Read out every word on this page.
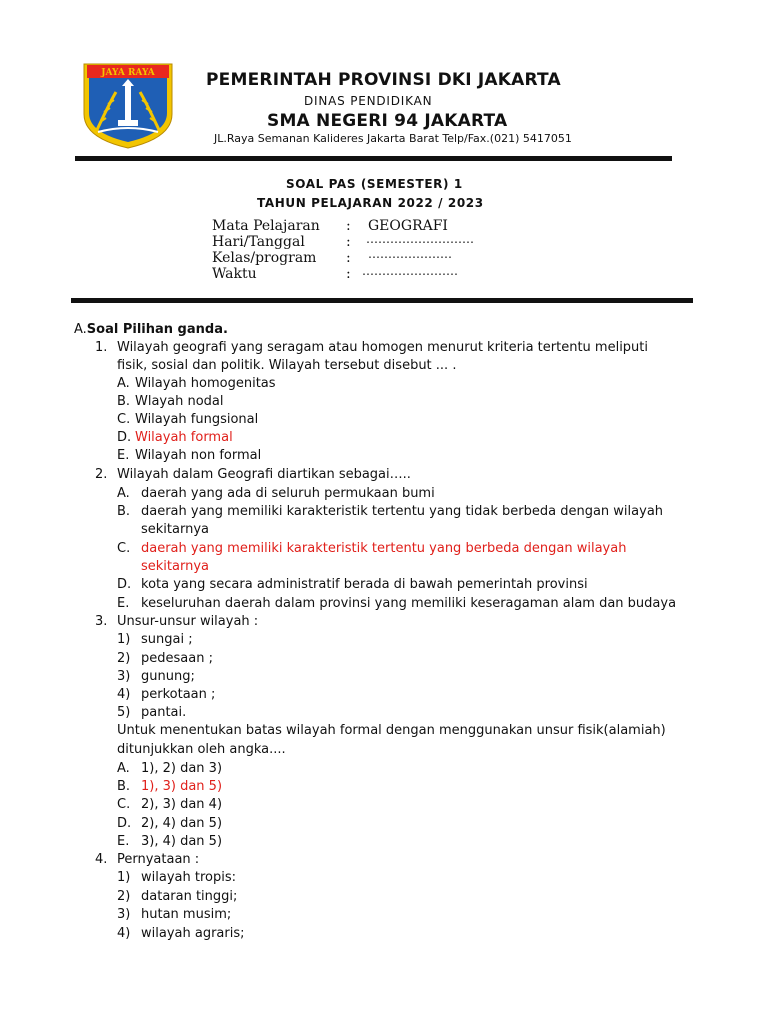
JAYA RAYA	PEMERINTAH PROVINSI DKI JAKARTA
DINAS PENDIDIKAN
SMA NEGERI 94 JAKARTA
JL.Raya Semanan Kalideres Jakarta Barat Telp/Fax.(021) 5417051
SOAL PAS (SEMESTER) 1
TAHUN PELAJARAN 2022 / 2023
Mata Pelajaran : GEOGRAFI
Hari/Tanggal	: ………………………
Kelas/program : …………………
Waktu	: ……………………
A.Soal Pilihan ganda.
1. Wilayah geografi yang seragam atau homogen menurut kriteria tertentu meliputi
fisik, sosial dan politik. Wilayah tersebut disebut ... .
A. Wilayah homogenitas
B. Wlayah nodal
C. Wilayah fungsional
D. Wilayah formal
E. Wilayah non formal
2. Wilayah dalam Geografi diartikan sebagai…..
A. daerah yang ada di seluruh permukaan bumi
B. daerah yang memiliki karakteristik tertentu yang tidak berbeda dengan wilayah
sekitarnya
C. daerah yang memiliki karakteristik tertentu yang berbeda dengan wilayah
sekitarnya
D. kota yang secara administratif berada di bawah pemerintah provinsi
E. keseluruhan daerah dalam provinsi yang memiliki keseragaman alam dan budaya
3. Unsur-unsur wilayah :
1) sungai ;
2) pedesaan ;
3) gunung;
4) perkotaan ;
5) pantai.
Untuk menentukan batas wilayah formal dengan menggunakan unsur fisik(alamiah)
ditunjukkan oleh angka....
A. 1), 2) dan 3)
B. 1), 3) dan 5)
C. 2), 3) dan 4)
D. 2), 4) dan 5)
E. 3), 4) dan 5)
4. Pernyataan :
1) wilayah tropis:
2) dataran tinggi;
3) hutan musim;
4) wilayah agraris;
